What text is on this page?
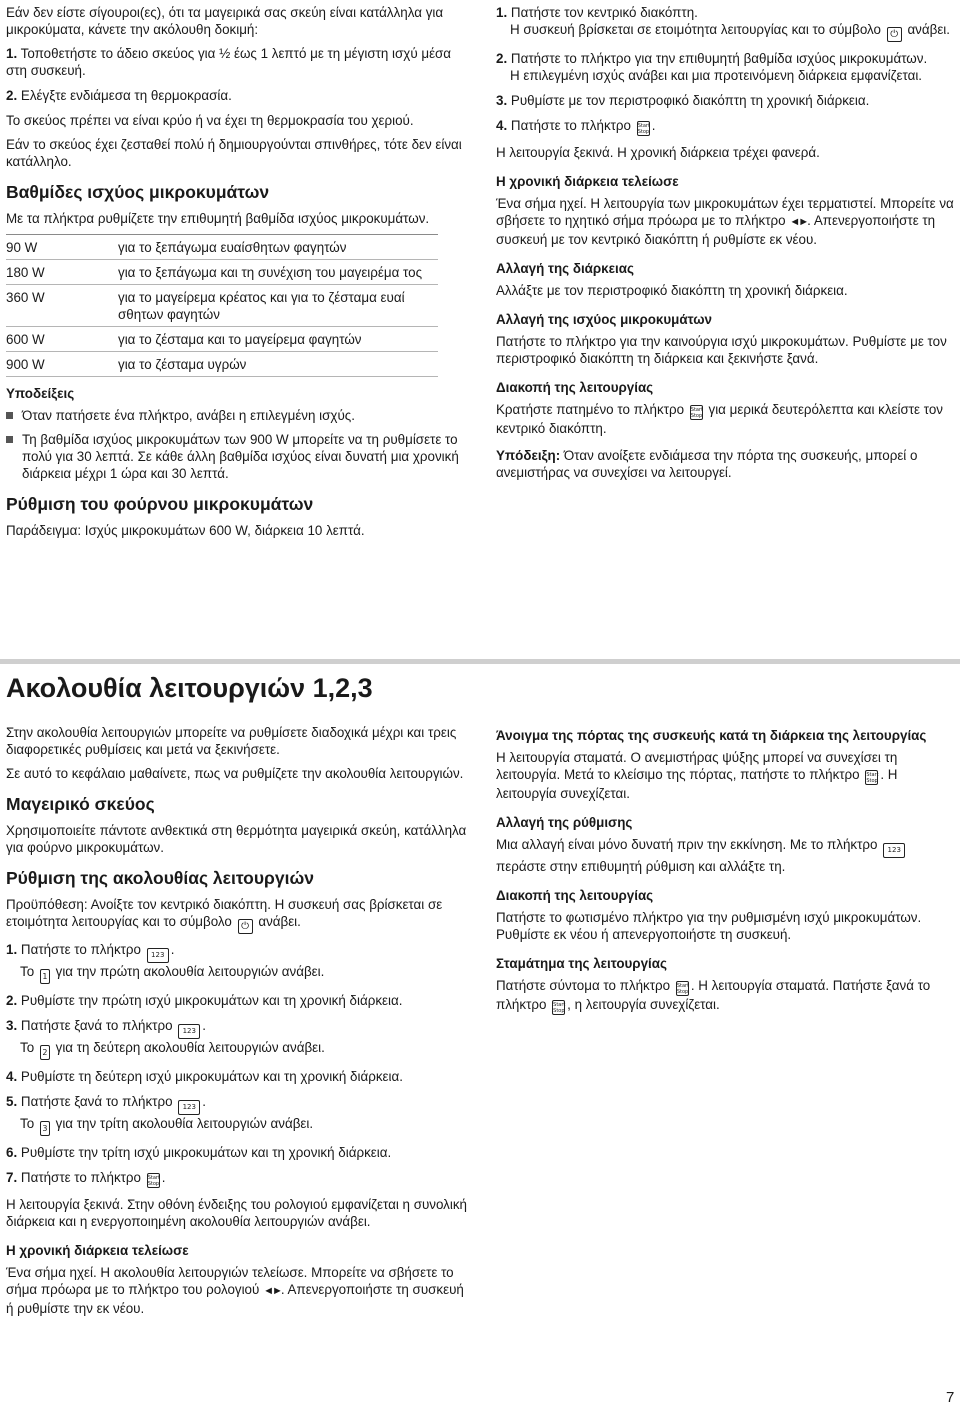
Εάν δεν είστε σίγουροι(ες), ότι τα μαγειρικά σας σκεύη είναι κατάλληλα για μικροκύματα, κάνετε την ακόλουθη δοκιμή:

1. Τοποθετήστε το άδειο σκεύος για ½ έως 1 λεπτό με τη μέγιστη ισχύ μέσα στη συσκευή.
2. Ελέγξτε ενδιάμεσα τη θερμοκρασία.

Το σκεύος πρέπει να είναι κρύο ή να έχει τη θερμοκρασία του χεριού.

Εάν το σκεύος έχει ζεσταθεί πολύ ή δημιουργούνται σπινθήρες, τότε δεν είναι κατάλληλο.

Βαθμίδες ισχύος μικροκυμάτων

Με τα πλήκτρα ρυθμίζετε την επιθυμητή βαθμίδα ισχύος μικροκυμάτων.

90 W	για το ξεπάγωμα ευαίσθητων φαγητών
180 W	για το ξεπάγωμα και τη συνέχιση του μαγειρέμα τος
360 W	για το μαγείρεμα κρέατος και για το ζέσταμα ευαί σθητων φαγητών
600 W	για το ζέσταμα και το μαγείρεμα φαγητών
900 W	για το ζέσταμα υγρών
Υποδείξεις
Όταν πατήσετε ένα πλήκτρο, ανάβει η επιλεγμένη ισχύς.
Τη βαθμίδα ισχύος μικροκυμάτων των 900 W μπορείτε να τη ρυθμίσετε το πολύ για 30 λεπτά. Σε κάθε άλλη βαθμίδα ισχύος είναι δυνατή μια χρονική διάρκεια μέχρι 1 ώρα και 30 λεπτά.
Ρύθμιση του φούρνου μικροκυμάτων

Παράδειγμα: Ισχύς μικροκυμάτων 600 W, διάρκεια 10 λεπτά.

1. Πατήστε τον κεντρικό διακόπτη.
Η συσκευή βρίσκεται σε ετοιμότητα λειτουργίας και το σύμβολο ⏻ ανάβει.
2. Πατήστε το πλήκτρο για την επιθυμητή βαθμίδα ισχύος μικροκυμάτων.
Η επιλεγμένη ισχύς ανάβει και μια προτεινόμενη διάρκεια εμφανίζεται.
3. Ρυθμίστε με τον περιστροφικό διακόπτη τη χρονική διάρκεια.
4. Πατήστε το πλήκτρο Start
Stop .

Η λειτουργία ξεκινά. Η χρονική διάρκεια τρέχει φανερά.

Η χρονική διάρκεια τελείωσε

Ένα σήμα ηχεί. Η λειτουργία των μικροκυμάτων έχει τερματιστεί. Μπορείτε να σβήσετε το ηχητικό σήμα πρόωρα με το πλήκτρο ◄►. Απενεργοποιήστε τη συσκευή με τον κεντρικό διακόπτη ή ρυθμίστε εκ νέου.

Αλλαγή της διάρκειας

Αλλάξτε με τον περιστροφικό διακόπτη τη χρονική διάρκεια.

Αλλαγή της ισχύος μικροκυμάτων

Πατήστε το πλήκτρο για την καινούργια ισχύ μικροκυμάτων. Ρυθμίστε με τον περιστροφικό διακόπτη τη διάρκεια και ξεκινήστε ξανά.

Διακοπή της λειτουργίας

Κρατήστε πατημένο το πλήκτρο Start
Stop για μερικά δευτερόλεπτα και κλείστε τον κεντρικό διακόπτη.

Υπόδειξη: Όταν ανοίξετε ενδιάμεσα την πόρτα της συσκευής, μπορεί ο ανεμιστήρας να συνεχίσει να λειτουργεί.

Ακολουθία λειτουργιών 1,2,3

Στην ακολουθία λειτουργιών μπορείτε να ρυθμίσετε διαδοχικά μέχρι και τρεις διαφορετικές ρυθμίσεις και μετά να ξεκινήσετε.

Σε αυτό το κεφάλαιο μαθαίνετε, πως να ρυθμίζετε την ακολουθία λειτουργιών.

Μαγειρικό σκεύος

Χρησιμοποιείτε πάντοτε ανθεκτικά στη θερμότητα μαγειρικά σκεύη, κατάλληλα για φούρνο μικροκυμάτων.

Ρύθμιση της ακολουθίας λειτουργιών

Προϋπόθεση: Ανοίξτε τον κεντρικό διακόπτη. Η συσκευή σας βρίσκεται σε ετοιμότητα λειτουργίας και το σύμβολο ⏻ ανάβει.

1. Πατήστε το πλήκτρο 123 .
Το 1 για την πρώτη ακολουθία λειτουργιών ανάβει.
2. Ρυθμίστε την πρώτη ισχύ μικροκυμάτων και τη χρονική διάρκεια.
3. Πατήστε ξανά το πλήκτρο 123 .
Το 2 για τη δεύτερη ακολουθία λειτουργιών ανάβει.
4. Ρυθμίστε τη δεύτερη ισχύ μικροκυμάτων και τη χρονική διάρκεια.
5. Πατήστε ξανά το πλήκτρο 123 .
Το 3 για την τρίτη ακολουθία λειτουργιών ανάβει.
6. Ρυθμίστε την τρίτη ισχύ μικροκυμάτων και τη χρονική διάρκεια.
7. Πατήστε το πλήκτρο Start
Stop .

Η λειτουργία ξεκινά. Στην οθόνη ένδειξης του ρολογιού εμφανίζεται η συνολική διάρκεια και η ενεργοποιημένη ακολουθία λειτουργιών ανάβει.

Η χρονική διάρκεια τελείωσε

Ένα σήμα ηχεί. Η ακολουθία λειτουργιών τελείωσε. Μπορείτε να σβήσετε το σήμα πρόωρα με το πλήκτρο του ρολογιού ◄►. Απενεργοποιήστε τη συσκευή ή ρυθμίστε την εκ νέου.

Άνοιγμα της πόρτας της συσκευής κατά τη διάρκεια της λειτουργίας

Η λειτουργία σταματά. Ο ανεμιστήρας ψύξης μπορεί να συνεχίσει τη λειτουργία. Μετά το κλείσιμο της πόρτας, πατήστε το πλήκτρο Start
Stop . Η λειτουργία συνεχίζεται.

Αλλαγή της ρύθμισης

Μια αλλαγή είναι μόνο δυνατή πριν την εκκίνηση. Με το πλήκτρο 123 περάστε στην επιθυμητή ρύθμιση και αλλάξτε τη.

Διακοπή της λειτουργίας

Πατήστε το φωτισμένο πλήκτρο για την ρυθμισμένη ισχύ μικροκυμάτων. Ρυθμίστε εκ νέου ή απενεργοποιήστε τη συσκευή.

Σταμάτημα της λειτουργίας

Πατήστε σύντομα το πλήκτρο Start
Stop . Η λειτουργία σταματά. Πατήστε ξανά το πλήκτρο Start
Stop , η λειτουργία συνεχίζεται.

7
